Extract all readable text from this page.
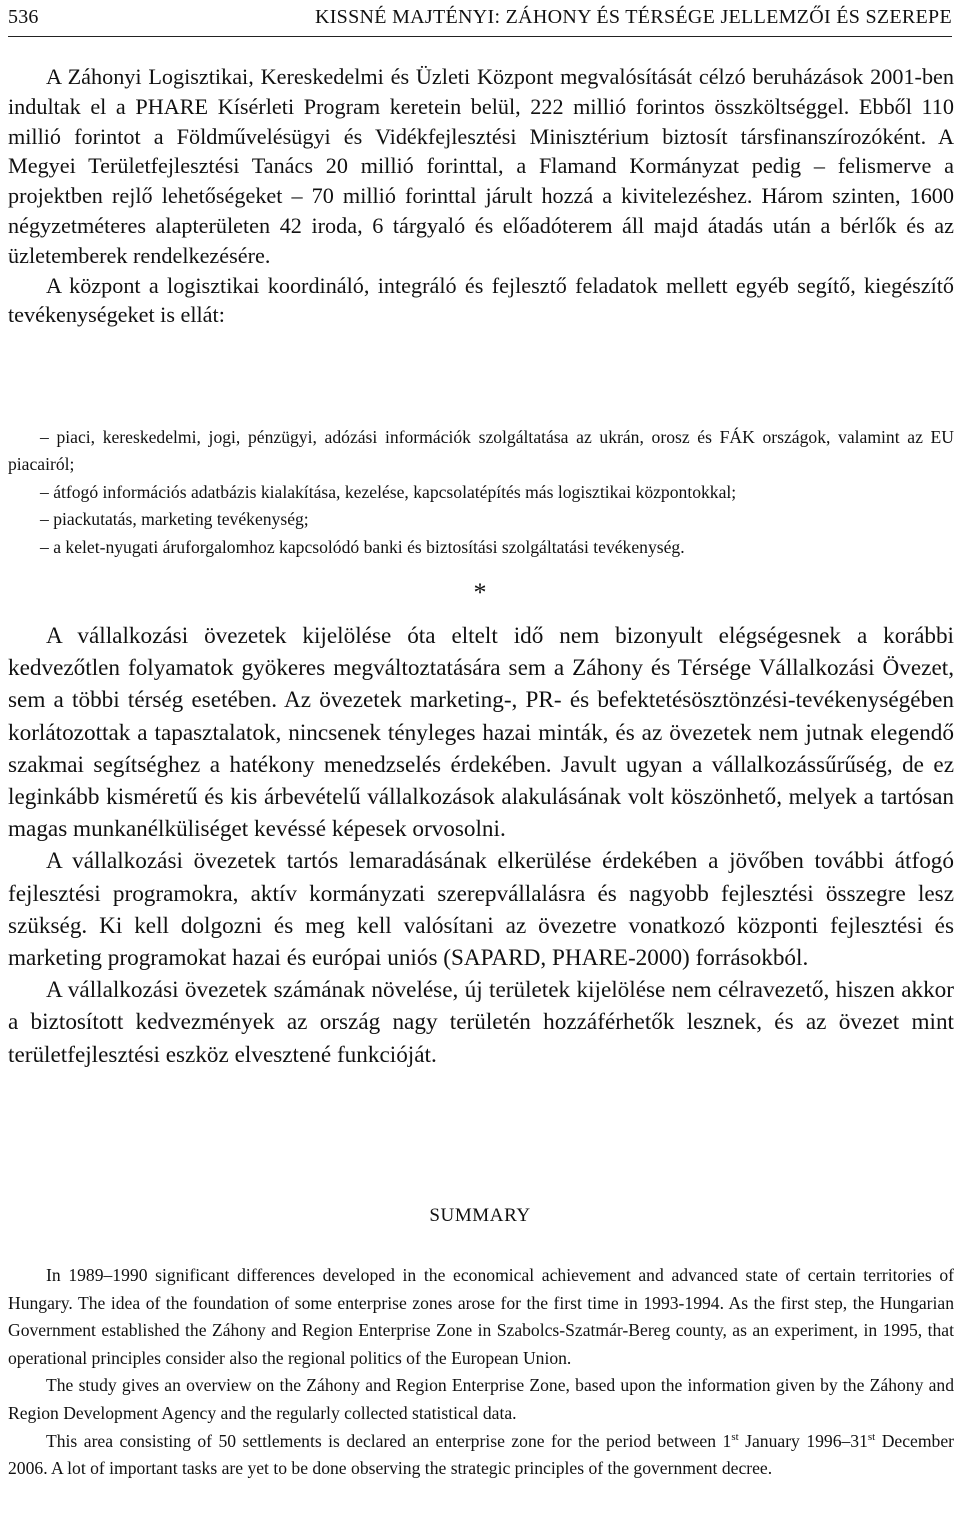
536	KISSNÉ MAJTÉNYI: ZÁHONY ÉS TÉRSÉGE JELLEMZŐI ÉS SZEREPE

A Záhonyi Logisztikai, Kereskedelmi és Üzleti Központ megvalósítását célzó beruházások 2001-ben indultak el a PHARE Kísérleti Program keretein belül, 222 millió forintos összköltséggel. Ebből 110 millió forintot a Földművelésügyi és Vidékfejlesztési Minisztérium biztosít társfinanszírozóként. A Megyei Területfejlesztési Tanács 20 millió forinttal, a Flamand Kormányzat pedig – felismerve a projektben rejlő lehetőségeket – 70 millió forinttal járult hozzá a kivitelezéshez. Három szinten, 1600 négyzetméteres alapterületen 42 iroda, 6 tárgyaló és előadóterem áll majd átadás után a bérlők és az üzletemberek rendelkezésére.

A központ a logisztikai koordináló, integráló és fejlesztő feladatok mellett egyéb segítő, kiegészítő tevékenységeket is ellát:

– piaci, kereskedelmi, jogi, pénzügyi, adózási információk szolgáltatása az ukrán, orosz és FÁK országok, valamint az EU piacairól;

– átfogó információs adatbázis kialakítása, kezelése, kapcsolatépítés más logisztikai központokkal;

– piackutatás, marketing tevékenység;

– a kelet-nyugati áruforgalomhoz kapcsolódó banki és biztosítási szolgáltatási tevékenység.

*

A vállalkozási övezetek kijelölése óta eltelt idő nem bizonyult elégségesnek a korábbi kedvezőtlen folyamatok gyökeres megváltoztatására sem a Záhony és Térsége Vállalkozási Övezet, sem a többi térség esetében. Az övezetek marketing-, PR- és befektetésösztönzési-tevékenységében korlátozottak a tapasztalatok, nincsenek tényleges hazai minták, és az övezetek nem jutnak elegendő szakmai segítséghez a hatékony menedzselés érdekében. Javult ugyan a vállalkozássűrűség, de ez leginkább kisméretű és kis árbevételű vállalkozások alakulásának volt köszönhető, melyek a tartósan magas munkanélküliséget kevéssé képesek orvosolni.

A vállalkozási övezetek tartós lemaradásának elkerülése érdekében a jövőben további átfogó fejlesztési programokra, aktív kormányzati szerepvállalásra és nagyobb fejlesztési összegre lesz szükség. Ki kell dolgozni és meg kell valósítani az övezetre vonatkozó központi fejlesztési és marketing programokat hazai és európai uniós (SAPARD, PHARE-2000) forrásokból.

A vállalkozási övezetek számának növelése, új területek kijelölése nem célravezető, hiszen akkor a biztosított kedvezmények az ország nagy területén hozzáférhetők lesznek, és az övezet mint területfejlesztési eszköz elvesztené funkcióját.

SUMMARY

In 1989–1990 significant differences developed in the economical achievement and advanced state of certain territories of Hungary. The idea of the foundation of some enterprise zones arose for the first time in 1993-1994. As the first step, the Hungarian Government established the Záhony and Region Enterprise Zone in Szabolcs-Szatmár-Bereg county, as an experiment, in 1995, that operational principles consider also the regional politics of the European Union.

The study gives an overview on the Záhony and Region Enterprise Zone, based upon the information given by the Záhony and Region Development Agency and the regularly collected statistical data.

This area consisting of 50 settlements is declared an enterprise zone for the period between 1st January 1996–31st December 2006. A lot of important tasks are yet to be done observing the strategic principles of the government decree.
